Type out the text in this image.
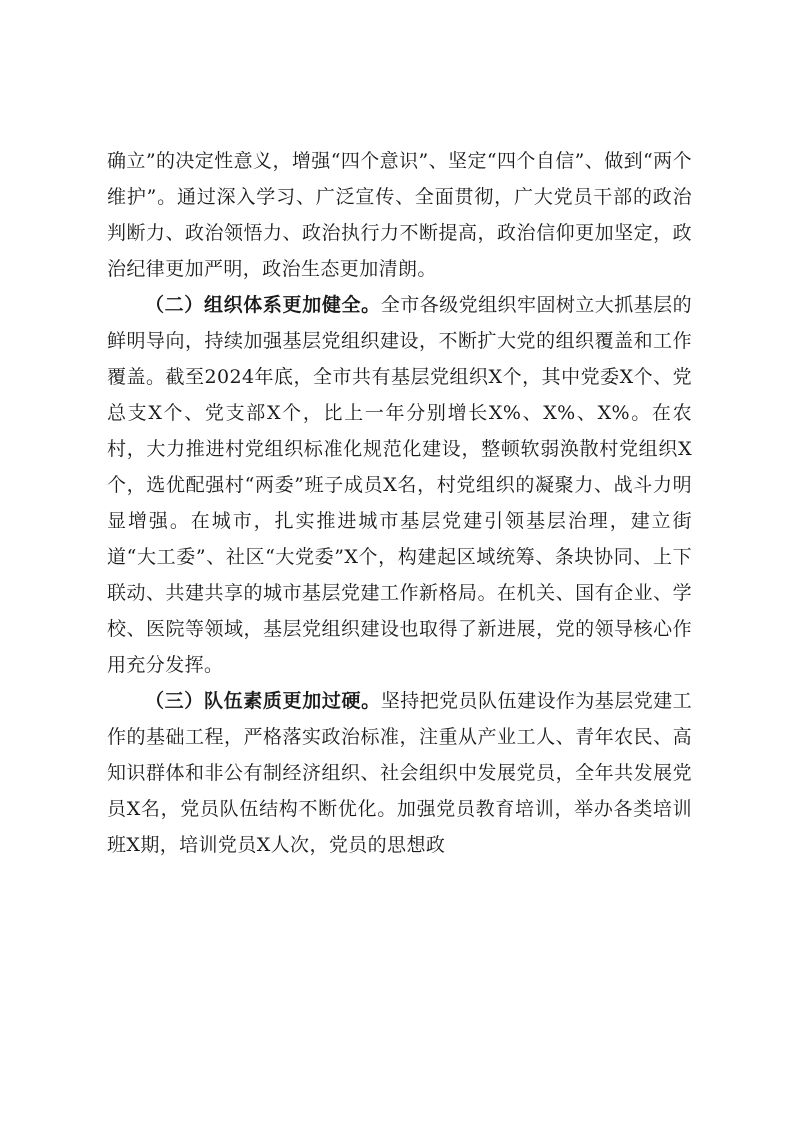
确立”的决定性意义，增强“四个意识”、坚定“四个自信”、做到“两个维护”。通过深入学习、广泛宣传、全面贯彻，广大党员干部的政治判断力、政治领悟力、政治执行力不断提高，政治信仰更加坚定，政治纪律更加严明，政治生态更加清朗。

（二）组织体系更加健全。全市各级党组织牢固树立大抓基层的鲜明导向，持续加强基层党组织建设，不断扩大党的组织覆盖和工作覆盖。截至2024年底，全市共有基层党组织X个，其中党委X个、党总支X个、党支部X个，比上一年分别增长X%、X%、X%。在农村，大力推进村党组织标准化规范化建设，整顿软弱涣散村党组织X个，选优配强村“两委”班子成员X名，村党组织的凝聚力、战斗力明显增强。在城市，扎实推进城市基层党建引领基层治理，建立街道“大工委”、社区“大党委”X个，构建起区域统筹、条块协同、上下联动、共建共享的城市基层党建工作新格局。在机关、国有企业、学校、医院等领域，基层党组织建设也取得了新进展，党的领导核心作用充分发挥。

（三）队伍素质更加过硬。坚持把党员队伍建设作为基层党建工作的基础工程，严格落实政治标准，注重从产业工人、青年农民、高知识群体和非公有制经济组织、社会组织中发展党员，全年共发展党员X名，党员队伍结构不断优化。加强党员教育培训，举办各类培训班X期，培训党员X人次，党员的思想政
